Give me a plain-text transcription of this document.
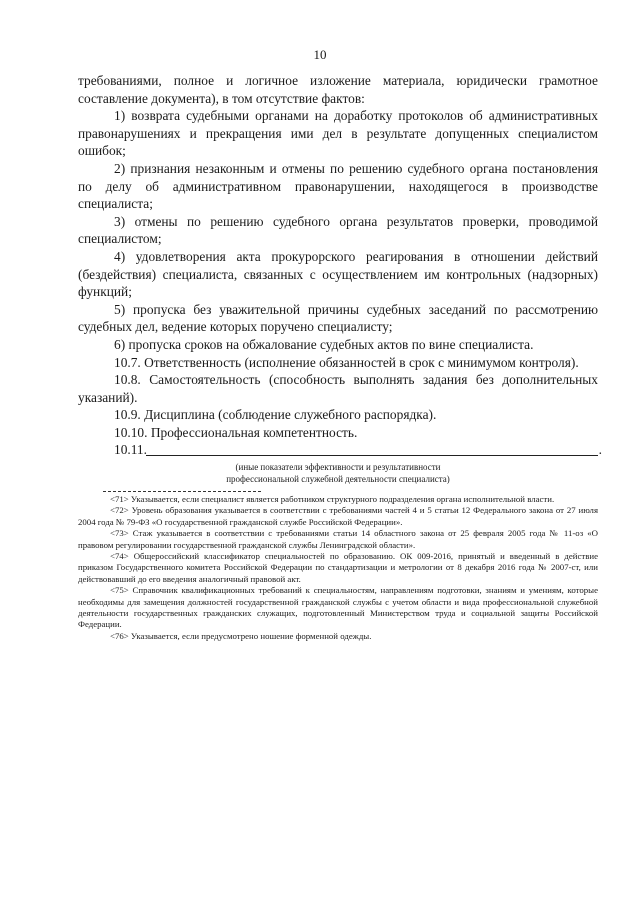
10

требованиями, полное и логичное изложение материала, юридически грамотное составление документа), в том отсутствие фактов:

1) возврата судебными органами на доработку протоколов об административных правонарушениях и прекращения ими дел в результате допущенных специалистом ошибок;

2) признания незаконным и отмены по решению судебного органа постановления по делу об административном правонарушении, находящегося в производстве специалиста;

3) отмены по решению судебного органа результатов проверки, проводимой специалистом;

4) удовлетворения акта прокурорского реагирования в отношении действий (бездействия) специалиста, связанных с осуществлением им контрольных (надзорных) функций;

5) пропуска без уважительной причины судебных заседаний по рассмотрению судебных дел, ведение которых поручено специалисту;

6) пропуска сроков на обжалование судебных актов по вине специалиста.

10.7. Ответственность (исполнение обязанностей в срок с минимумом контроля).

10.8. Самостоятельность (способность выполнять задания без дополнительных указаний).

10.9. Дисциплина (соблюдение служебного распорядка).

10.10. Профессиональная компетентность.

10.11.	.
(иные показатели эффективности и результативности
профессиональной служебной деятельности специалиста)

<71> Указывается, если специалист является работником структурного подразделения органа исполнительной власти.

<72> Уровень образования указывается в соответствии с требованиями частей 4 и 5 статьи 12 Федерального закона от 27 июля 2004 года № 79-ФЗ «О государственной гражданской службе Российской Федерации».

<73> Стаж указывается в соответствии с требованиями статьи 14 областного закона от 25 февраля 2005 года № 11-оз «О правовом регулировании государственной гражданской службы Ленинградской области».

<74> Общероссийский классификатор специальностей по образованию. ОК 009-2016, принятый и введенный в действие приказом Государственного комитета Российской Федерации по стандартизации и метрологии от 8 декабря 2016 года № 2007-ст, или действовавший до его введения аналогичный правовой акт.

<75> Справочник квалификационных требований к специальностям, направлениям подготовки, знаниям и умениям, которые необходимы для замещения должностей государственной гражданской службы с учетом области и вида профессиональной служебной деятельности государственных гражданских служащих, подготовленный Министерством труда и социальной защиты Российской Федерации.

<76> Указывается, если предусмотрено ношение форменной одежды.
